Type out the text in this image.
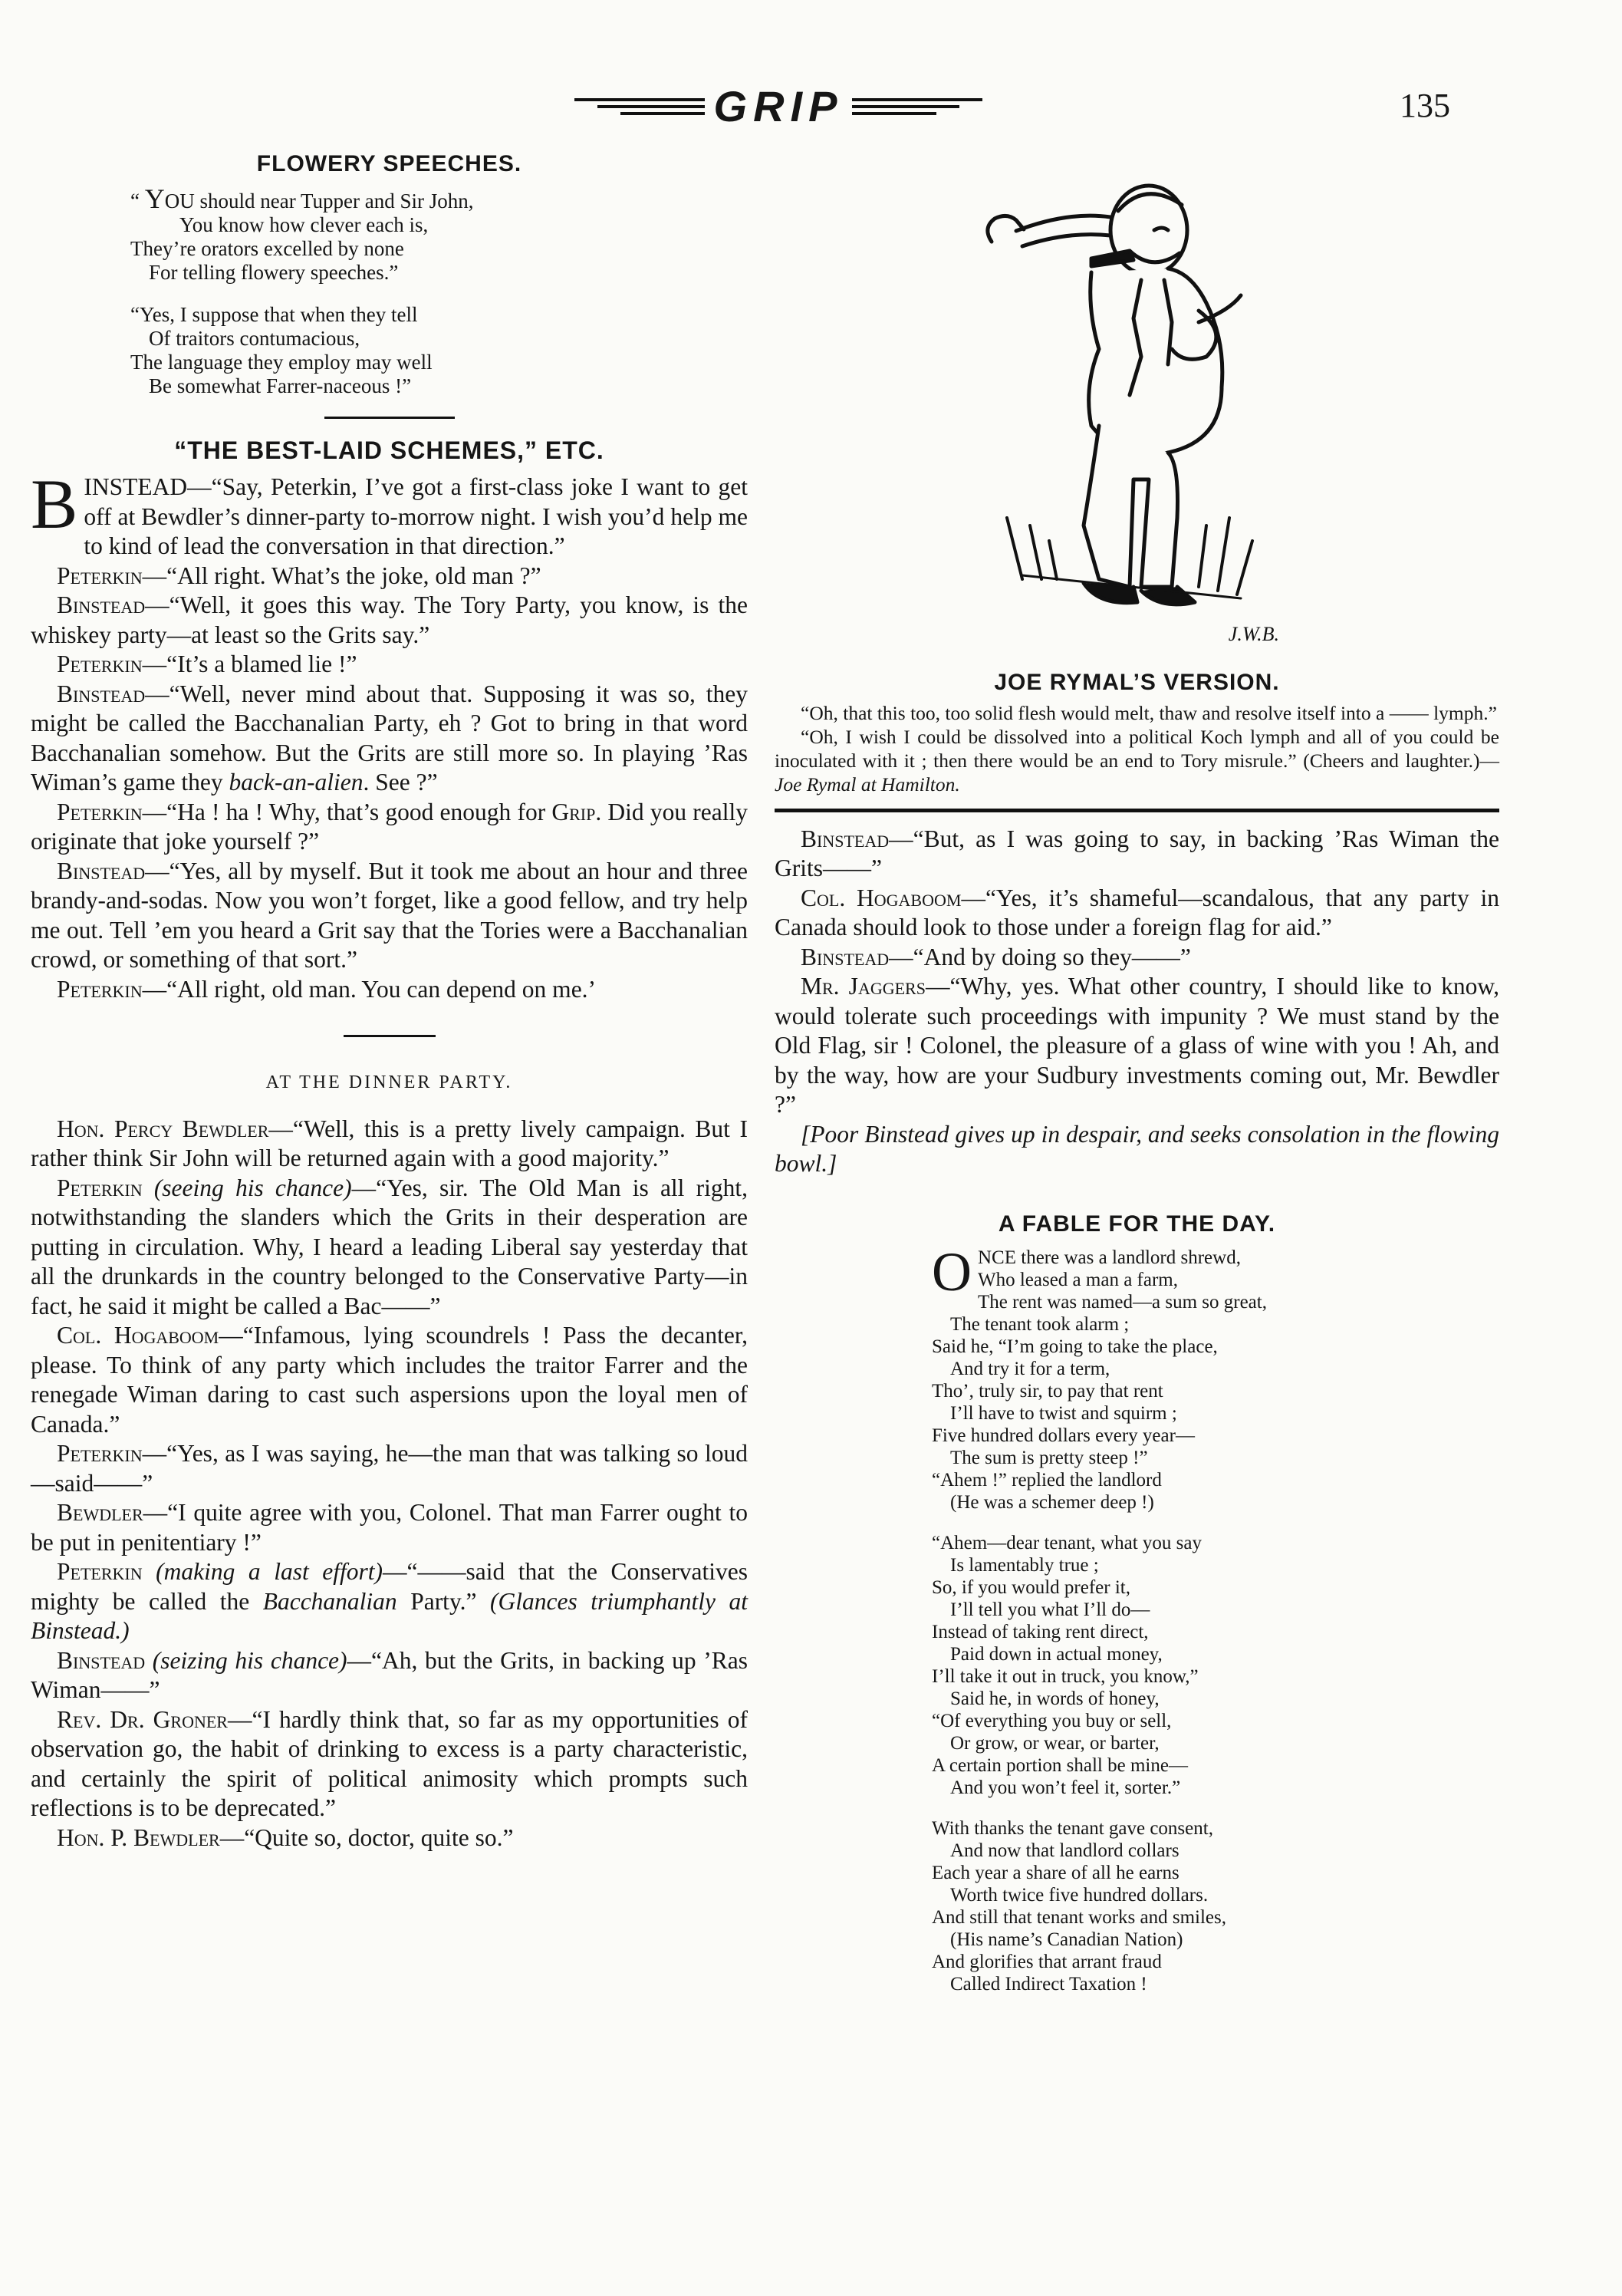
GRIP	135
FLOWERY SPEECHES.
“ YOU should near Tupper and Sir John,
You know how clever each is,
They’re orators excelled by none
For telling flowery speeches.”
“Yes, I suppose that when they tell
Of traitors contumacious,
The language they employ may well
Be somewhat Farrer-naceous !”
“THE BEST-LAID SCHEMES,” ETC.

BINSTEAD—“Say, Peterkin, I’ve got a first-class joke I want to get off at Bewdler’s dinner-party to-morrow night. I wish you’d help me to kind of lead the conversation in that direction.”

Peterkin—“All right. What’s the joke, old man ?”

Binstead—“Well, it goes this way. The Tory Party, you know, is the whiskey party—at least so the Grits say.”

Peterkin—“It’s a blamed lie !”

Binstead—“Well, never mind about that. Supposing it was so, they might be called the Bacchanalian Party, eh ? Got to bring in that word Bacchanalian somehow. But the Grits are still more so. In playing ’Ras Wiman’s game they back-an-alien. See ?”

Peterkin—“Ha ! ha ! Why, that’s good enough for Grip. Did you really originate that joke yourself ?”

Binstead—“Yes, all by myself. But it took me about an hour and three brandy-and-sodas. Now you won’t forget, like a good fellow, and try help me out. Tell ’em you heard a Grit say that the Tories were a Bacchanalian crowd, or something of that sort.”

Peterkin—“All right, old man. You can depend on me.’

AT THE DINNER PARTY.

Hon. Percy Bewdler—“Well, this is a pretty lively campaign. But I rather think Sir John will be returned again with a good majority.”

Peterkin (seeing his chance)—“Yes, sir. The Old Man is all right, notwithstanding the slanders which the Grits in their desperation are putting in circulation. Why, I heard a leading Liberal say yesterday that all the drunkards in the country belonged to the Conservative Party—in fact, he said it might be called a Bac——”

Col. Hogaboom—“Infamous, lying scoundrels ! Pass the decanter, please. To think of any party which includes the traitor Farrer and the renegade Wiman daring to cast such aspersions upon the loyal men of Canada.”

Peterkin—“Yes, as I was saying, he—the man that was talking so loud—said——”

Bewdler—“I quite agree with you, Colonel. That man Farrer ought to be put in penitentiary !”

Peterkin (making a last effort)—“——said that the Conservatives mighty be called the Bacchanalian Party.” (Glances triumphantly at Binstead.)

Binstead (seizing his chance)—“Ah, but the Grits, in backing up ’Ras Wiman——”

Rev. Dr. Groner—“I hardly think that, so far as my opportunities of observation go, the habit of drinking to excess is a party characteristic, and certainly the spirit of political animosity which prompts such reflections is to be deprecated.”

Hon. P. Bewdler—“Quite so, doctor, quite so.”

J.W.B.
JOE RYMAL’S VERSION.

“Oh, that this too, too solid flesh would melt, thaw and resolve itself into a —— lymph.”

“Oh, I wish I could be dissolved into a political Koch lymph and all of you could be inoculated with it ; then there would be an end to Tory misrule.” (Cheers and laughter.)—Joe Rymal at Hamilton.

Binstead—“But, as I was going to say, in backing ’Ras Wiman the Grits——”

Col. Hogaboom—“Yes, it’s shameful—scandalous, that any party in Canada should look to those under a foreign flag for aid.”

Binstead—“And by doing so they——”

Mr. Jaggers—“Why, yes. What other country, I should like to know, would tolerate such proceedings with impunity ? We must stand by the Old Flag, sir ! Colonel, the pleasure of a glass of wine with you ! Ah, and by the way, how are your Sudbury investments coming out, Mr. Bewdler ?”

[Poor Binstead gives up in despair, and seeks consolation in the flowing bowl.]

A FABLE FOR THE DAY.
ONCE there was a landlord shrewd,
Who leased a man a farm,
The rent was named—a sum so great,
The tenant took alarm ;
Said he, “I’m going to take the place,
And try it for a term,
Tho’, truly sir, to pay that rent
I’ll have to twist and squirm ;
Five hundred dollars every year—
The sum is pretty steep !”
“Ahem !” replied the landlord
(He was a schemer deep !)
“Ahem—dear tenant, what you say
Is lamentably true ;
So, if you would prefer it,
I’ll tell you what I’ll do—
Instead of taking rent direct,
Paid down in actual money,
I’ll take it out in truck, you know,”
Said he, in words of honey,
“Of everything you buy or sell,
Or grow, or wear, or barter,
A certain portion shall be mine—
And you won’t feel it, sorter.”
With thanks the tenant gave consent,
And now that landlord collars
Each year a share of all he earns
Worth twice five hundred dollars.
And still that tenant works and smiles,
(His name’s Canadian Nation)
And glorifies that arrant fraud
Called Indirect Taxation !
